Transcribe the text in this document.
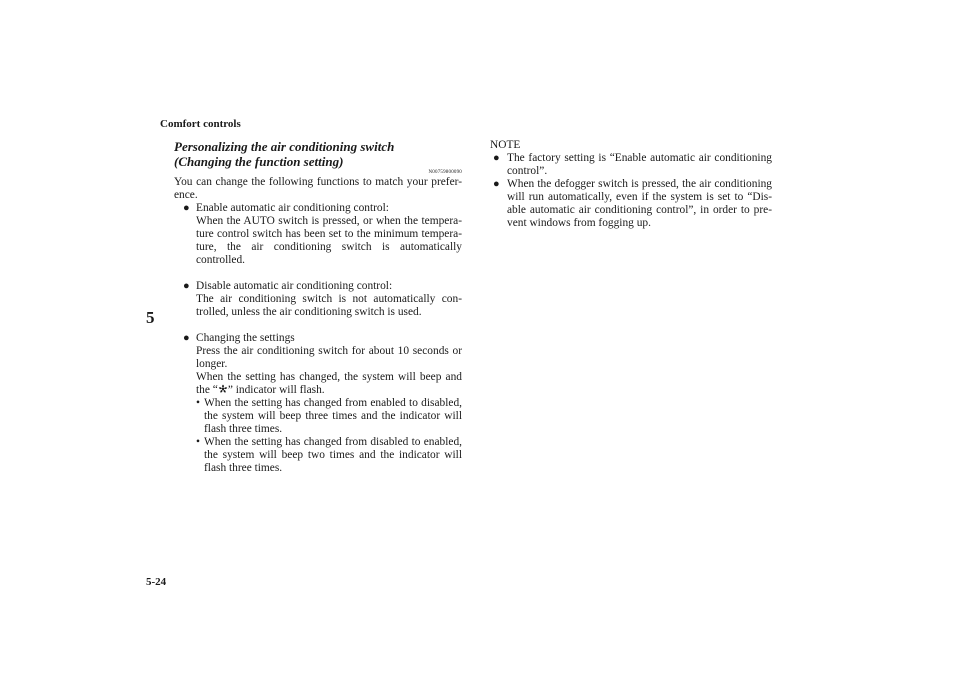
Comfort controls
5
5-24
Personalizing the air conditioning switch (Changing the function setting)
N00759800090
You can change the following functions to match your prefer-ence.
● Enable automatic air conditioning control:
When the AUTO switch is pressed, or when the tempera-ture control switch has been set to the minimum tempera-ture, the air conditioning switch is automatically controlled.
● Disable automatic air conditioning control:
The air conditioning switch is not automatically con-trolled, unless the air conditioning switch is used.
● Changing the settings
Press the air conditioning switch for about 10 seconds or longer.
When the setting has changed, the system will beep and the “ ” indicator will flash.
• When the setting has changed from enabled to disabled, the system will beep three times and the indicator will flash three times.
• When the setting has changed from disabled to enabled, the system will beep two times and the indicator will flash three times.
NOTE
● The factory setting is “Enable automatic air conditioning control”.
● When the defogger switch is pressed, the air conditioning will run automatically, even if the system is set to “Dis-able automatic air conditioning control”, in order to pre-vent windows from fogging up.
